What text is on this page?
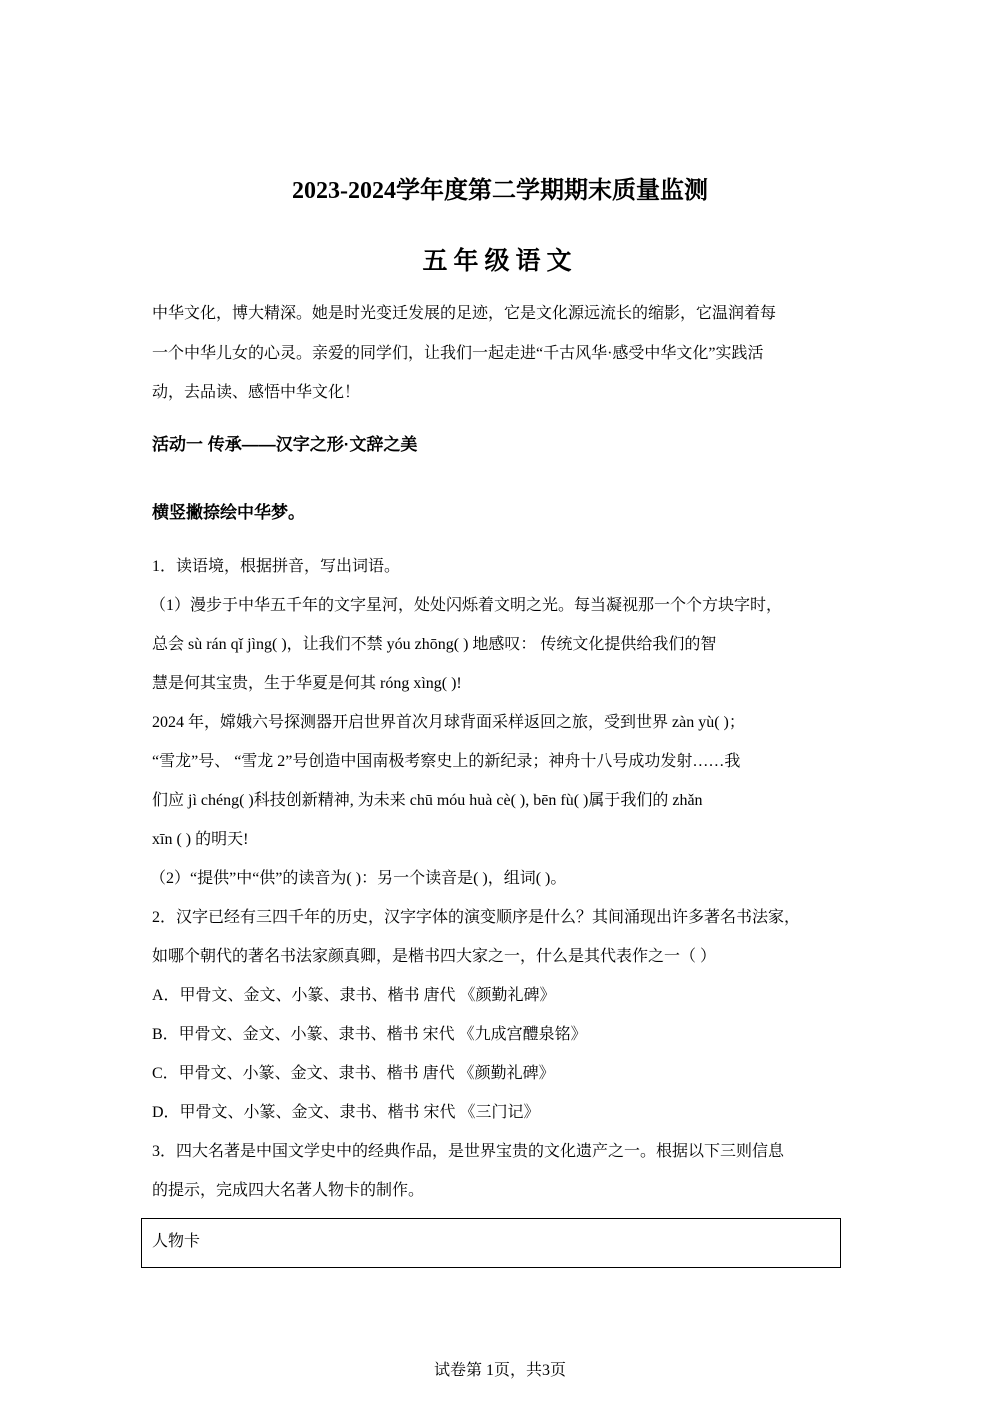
2023-2024学年度第二学期期末质量监测
五年级语文
中华文化，博大精深。她是时光变迁发展的足迹，它是文化源远流长的缩影，它温润着每
一个中华儿女的心灵。亲爱的同学们，让我们一起走进“千古风华·感受中华文化”实践活
动，去品读、感悟中华文化！
活动一 传承——汉字之形·文辞之美
横竖撇捺绘中华梦。
1．读语境，根据拼音，写出词语。
（1）漫步于中华五千年的文字星河，处处闪烁着文明之光。每当凝视那一个个方块字时，
总会 sù rán qǐ jìng( )，让我们不禁 yóu zhōng( ) 地感叹： 传统文化提供给我们的智
慧是何其宝贵，生于华夏是何其 róng xìng( )!
2024 年，嫦娥六号探测器开启世界首次月球背面采样返回之旅，受到世界 zàn yù( )；
“雪龙”号、 “雪龙 2”号创造中国南极考察史上的新纪录；神舟十八号成功发射……我
们应 jì chéng( )科技创新精神, 为未来 chū móu huà cè( ), bēn fù( )属于我们的 zhǎn
xīn ( ) 的明天!
（2）“提供”中“供”的读音为( )：另一个读音是( )，组词( )。
2．汉字已经有三四千年的历史，汉字字体的演变顺序是什么？其间涌现出许多著名书法家，
如哪个朝代的著名书法家颜真卿，是楷书四大家之一，什么是其代表作之一（ ）
A．甲骨文、金文、小篆、隶书、楷书 唐代 《颜勤礼碑》
B．甲骨文、金文、小篆、隶书、楷书 宋代 《九成宫醴泉铭》
C．甲骨文、小篆、金文、隶书、楷书 唐代 《颜勤礼碑》
D．甲骨文、小篆、金文、隶书、楷书 宋代 《三门记》
3．四大名著是中国文学史中的经典作品，是世界宝贵的文化遗产之一。根据以下三则信息
的提示，完成四大名著人物卡的制作。
人物卡
试卷第 1页，共3页
